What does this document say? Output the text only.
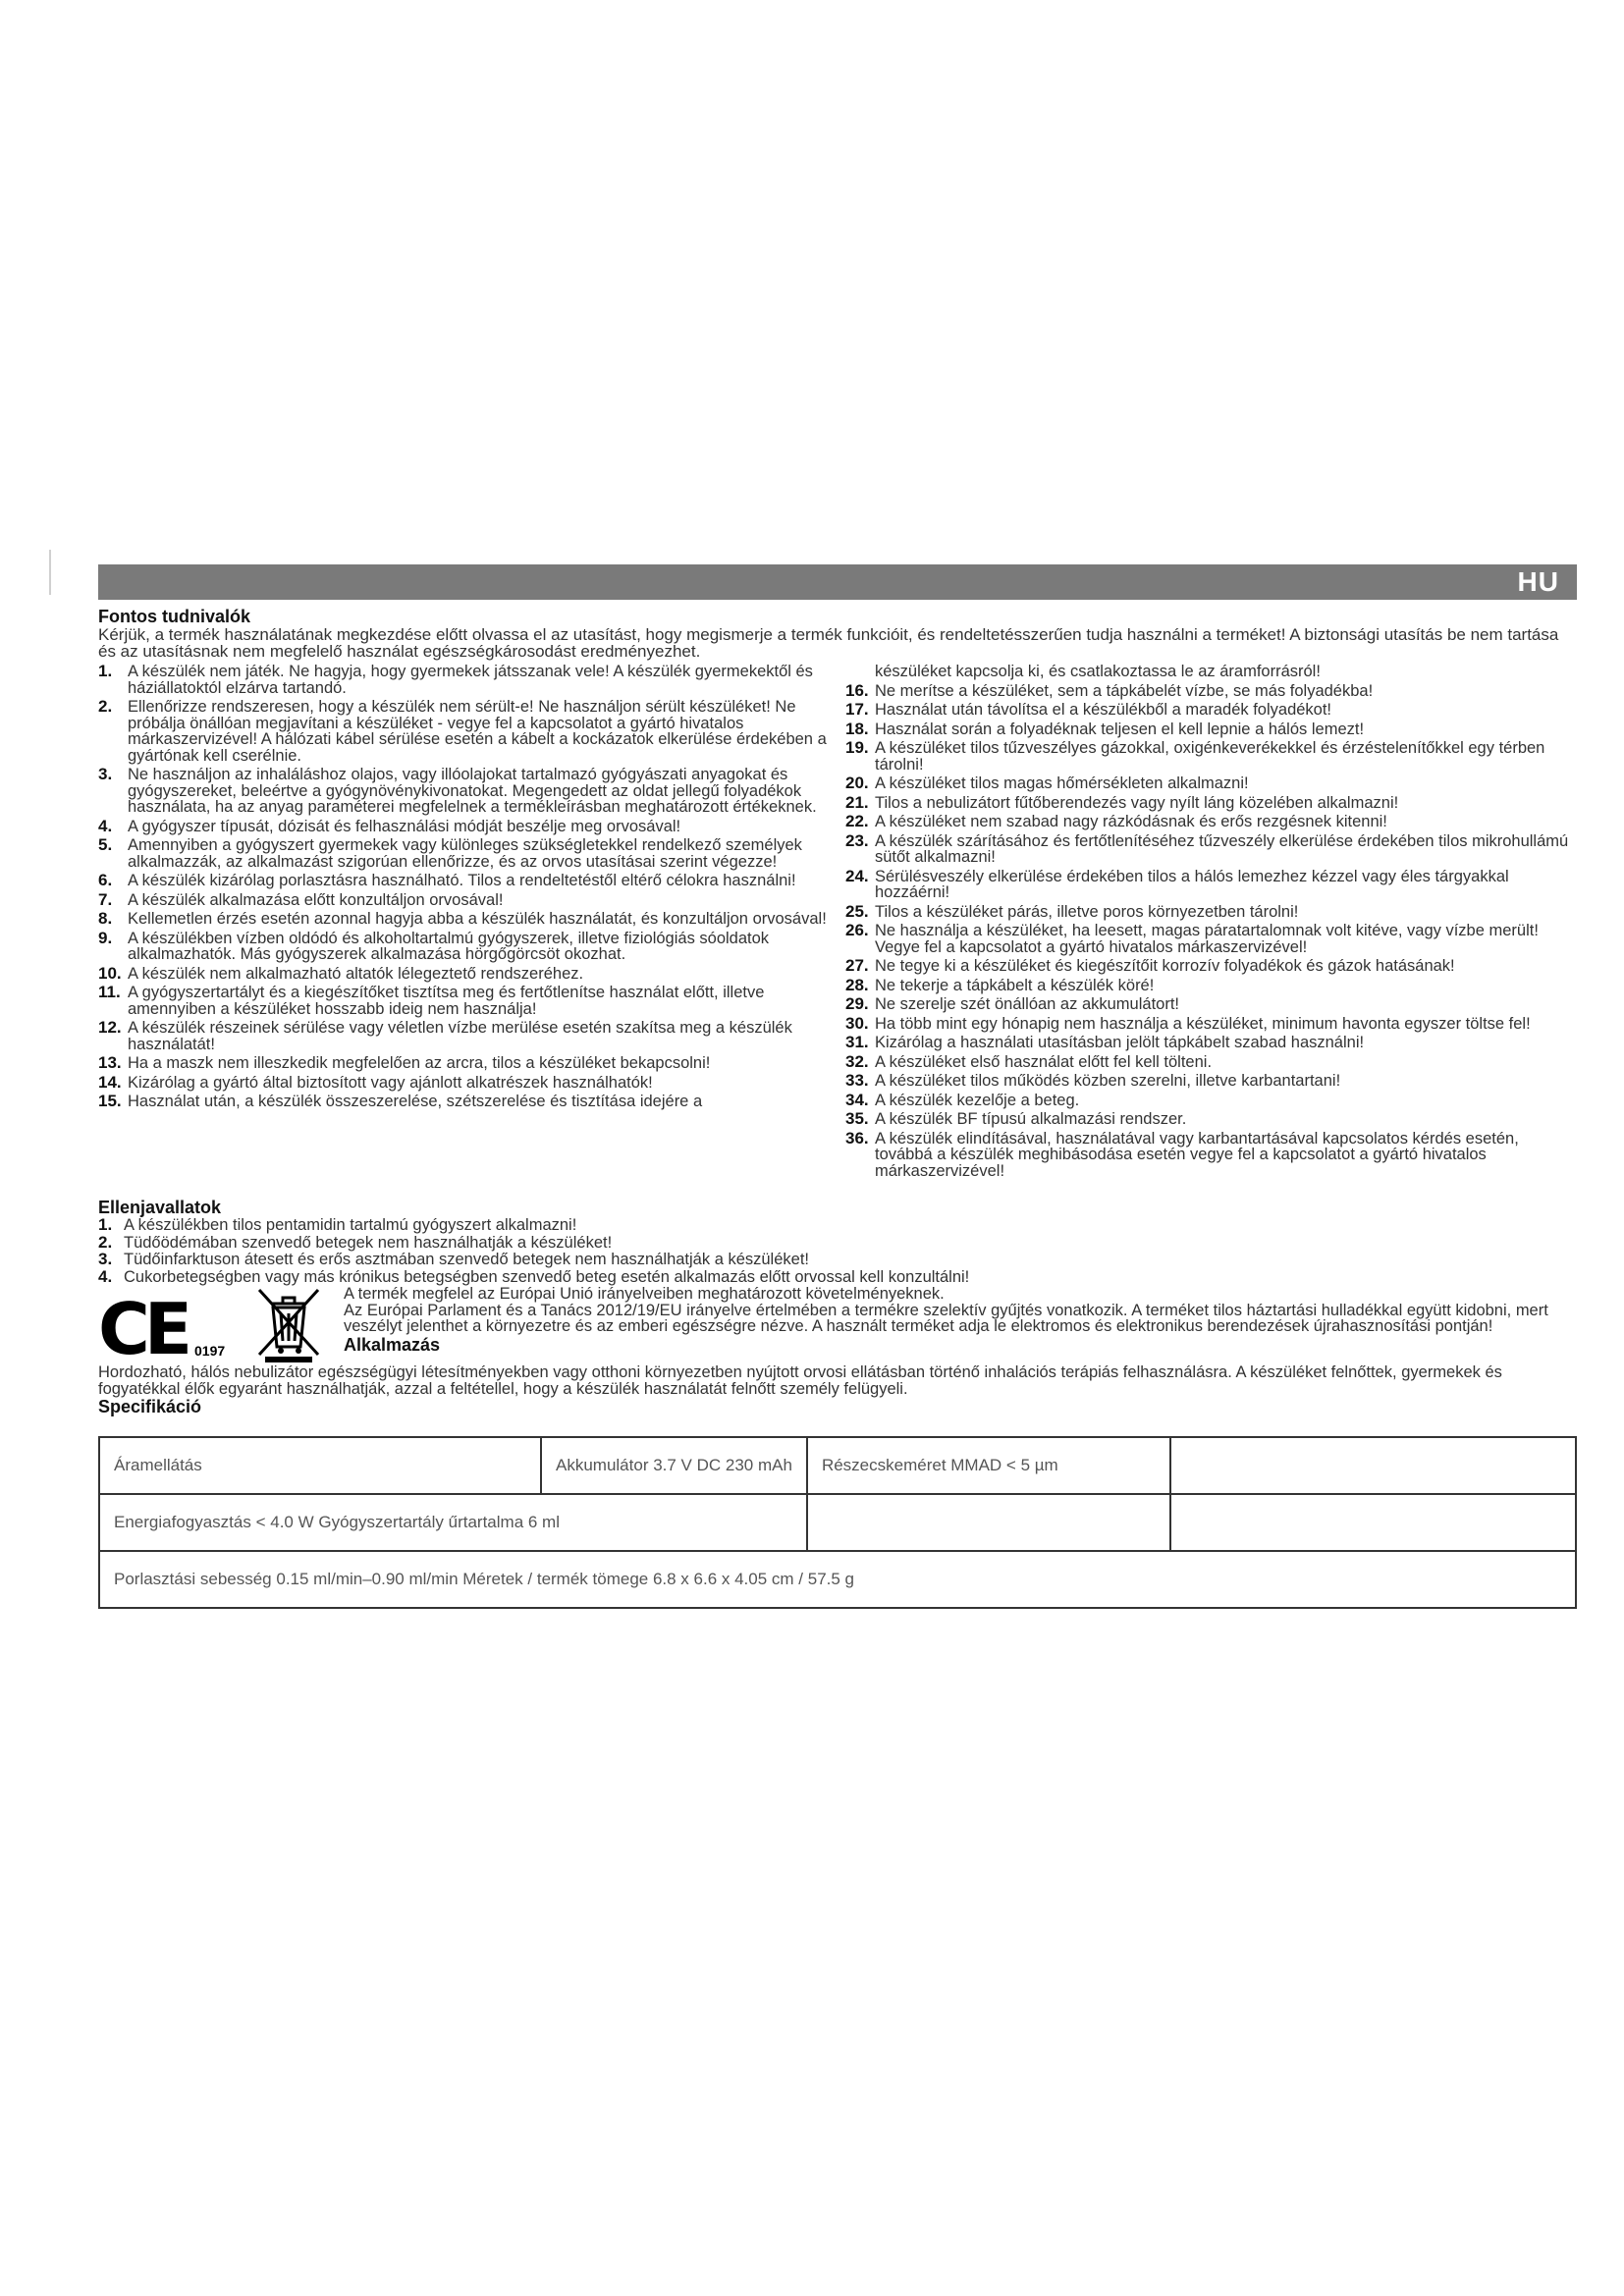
HU
Fontos tudnivalók

Kérjük, a termék használatának megkezdése előtt olvassa el az utasítást, hogy megismerje a termék funkcióit, és rendeltetésszerűen tudja használni a terméket! A biztonsági utasítás be nem tartása és az utasításnak nem megfelelő használat egészségkárosodást eredményezhet.

1. A készülék nem játék. Ne hagyja, hogy gyermekek játsszanak vele! A készülék gyermekektől és háziállatoktól elzárva tartandó.
2. Ellenőrizze rendszeresen, hogy a készülék nem sérült-e! Ne használjon sérült készüléket! Ne próbálja önállóan megjavítani a készüléket - vegye fel a kapcsolatot a gyártó hivatalos márkaszervizével! A hálózati kábel sérülése esetén a kábelt a kockázatok elkerülése érdekében a gyártónak kell cserélnie.
3. Ne használjon az inhaláláshoz olajos, vagy illóolajokat tartalmazó gyógyászati anyagokat és gyógyszereket, beleértve a gyógynövénykivonatokat. Megengedett az oldat jellegű folyadékok használata, ha az anyag paraméterei megfelelnek a termékleírásban meghatározott értékeknek.
4. A gyógyszer típusát, dózisát és felhasználási módját beszélje meg orvosával!
5. Amennyiben a gyógyszert gyermekek vagy különleges szükségletekkel rendelkező személyek alkalmazzák, az alkalmazást szigorúan ellenőrizze, és az orvos utasításai szerint végezze!
6. A készülék kizárólag porlasztásra használható. Tilos a rendeltetéstől eltérő célokra használni!
7. A készülék alkalmazása előtt konzultáljon orvosával!
8. Kellemetlen érzés esetén azonnal hagyja abba a készülék használatát, és konzultáljon orvosával!
9. A készülékben vízben oldódó és alkoholtartalmú gyógyszerek, illetve fiziológiás sóoldatok alkalmazhatók. Más gyógyszerek alkalmazása hörgőgörcsöt okozhat.
10. A készülék nem alkalmazható altatók lélegeztető rendszeréhez.
11. A gyógyszertartályt és a kiegészítőket tisztítsa meg és fertőtlenítse használat előtt, illetve amennyiben a készüléket hosszabb ideig nem használja!
12. A készülék részeinek sérülése vagy véletlen vízbe merülése esetén szakítsa meg a készülék használatát!
13. Ha a maszk nem illeszkedik megfelelően az arcra, tilos a készüléket bekapcsolni!
14. Kizárólag a gyártó által biztosított vagy ajánlott alkatrészek használhatók!
15. Használat után, a készülék összeszerelése, szétszerelése és tisztítása idejére a

készüléket kapcsolja ki, és csatlakoztassa le az áramforrásról!

16. Ne merítse a készüléket, sem a tápkábelét vízbe, se más folyadékba!
17. Használat után távolítsa el a készülékből a maradék folyadékot!
18. Használat során a folyadéknak teljesen el kell lepnie a hálós lemezt!
19. A készüléket tilos tűzveszélyes gázokkal, oxigénkeverékekkel és érzéstelenítőkkel egy térben tárolni!
20. A készüléket tilos magas hőmérsékleten alkalmazni!
21. Tilos a nebulizátort fűtőberendezés vagy nyílt láng közelében alkalmazni!
22. A készüléket nem szabad nagy rázkódásnak és erős rezgésnek kitenni!
23. A készülék szárításához és fertőtlenítéséhez tűzveszély elkerülése érdekében tilos mikrohullámú sütőt alkalmazni!
24. Sérülésveszély elkerülése érdekében tilos a hálós lemezhez kézzel vagy éles tárgyakkal hozzáérni!
25. Tilos a készüléket párás, illetve poros környezetben tárolni!
26. Ne használja a készüléket, ha leesett, magas páratartalomnak volt kitéve, vagy vízbe merült! Vegye fel a kapcsolatot a gyártó hivatalos márkaszervizével!
27. Ne tegye ki a készüléket és kiegészítőit korrozív folyadékok és gázok hatásának!
28. Ne tekerje a tápkábelt a készülék köré!
29. Ne szerelje szét önállóan az akkumulátort!
30. Ha több mint egy hónapig nem használja a készüléket, minimum havonta egyszer töltse fel!
31. Kizárólag a használati utasításban jelölt tápkábelt szabad használni!
32. A készüléket első használat előtt fel kell tölteni.
33. A készüléket tilos működés közben szerelni, illetve karbantartani!
34. A készülék kezelője a beteg.
35. A készülék BF típusú alkalmazási rendszer.
36. A készülék elindításával, használatával vagy karbantartásával kapcsolatos kérdés esetén, továbbá a készülék meghibásodása esetén vegye fel a kapcsolatot a gyártó hivatalos márkaszervizével!
Ellenjavallatok
1. A készülékben tilos pentamidin tartalmú gyógyszert alkalmazni!
2. Tüdőödémában szenvedő betegek nem használhatják a készüléket!
3. Tüdőinfarktuson átesett és erős asztmában szenvedő betegek nem használhatják a készüléket!
4. Cukorbetegségben vagy más krónikus betegségben szenvedő beteg esetén alkalmazás előtt orvossal kell konzultálni!
CE 0197

A termék megfelel az Európai Unió irányelveiben meghatározott követelményeknek.

Az Európai Parlament és a Tanács 2012/19/EU irányelve értelmében a termékre szelektív gyűjtés vonatkozik. A terméket tilos háztartási hulladékkal együtt kidobni, mert veszélyt jelenthet a környezetre és az emberi egészségre nézve. A használt terméket adja le elektromos és elektronikus berendezések újrahasznosítási pontján!

Alkalmazás

Hordozható, hálós nebulizátor egészségügyi létesítményekben vagy otthoni környezetben nyújtott orvosi ellátásban történő inhalációs terápiás felhasználásra. A készüléket felnőttek, gyermekek és fogyatékkal élők egyaránt használhatják, azzal a feltétellel, hogy a készülék használatát felnőtt személy felügyeli.

Specifikáció
Áramellátás	Akkumulátor 3.7 V DC 230 mAh	Részecskeméret MMAD < 5 µm	
Energiafogyasztás < 4.0 W Gyógyszertartály űrtartalma 6 ml			
Porlasztási sebesség 0.15 ml/min–0.90 ml/min Méretek / termék tömege 6.8 x 6.6 x 4.05 cm / 57.5 g			
